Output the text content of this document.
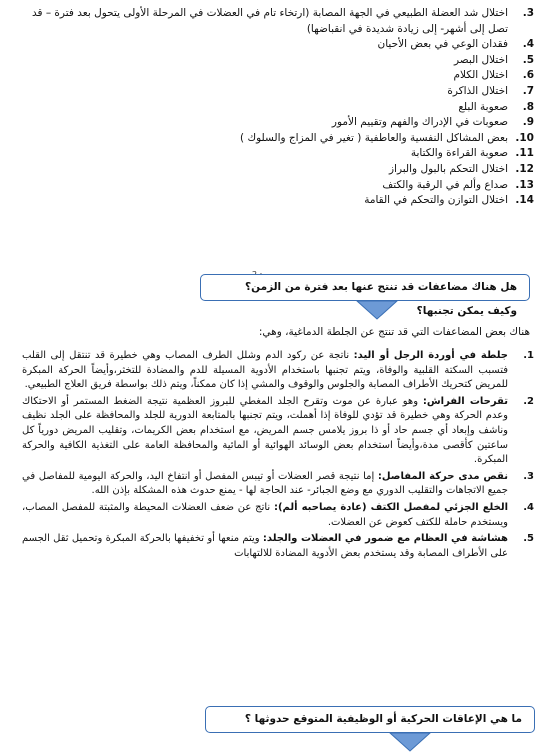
.3
اختلال شد العضلة الطبيعي في الجهة المصابة (ارتخاء تام في العضلات في المرحلة الأولى يتحول بعد فترة – قد تصل إلى أشهر- إلى زيادة شديدة في انقباضها)
.4
فقدان الوعي في بعض الأحيان
.5
اختلال البصر
.6
اختلال الكلام
.7
اختلال الذاكرة
.8
صعوبة البلع
.9
صعوبات في الإدراك والفهم وتقييم الأمور
.10
بعض المشاكل النفسية والعاطفية ( تغير في المزاج والسلوك )
.11
صعوبة القراءة والكتابة
.12
اختلال التحكم بالبول والبراز
.13
صداع وألم في الرقبة والكتف
.14
اختلال التوازن والتحكم في القامة
هل هناك مضاعفات قد تنتج عنها بعد فترة من الزمن؟ وكيف يمكن تجنبها؟
هناك بعض المضاعفات التي قد تنتج عن الجلطة الدماغية، وهي:
.1
جلطة في أوردة الرجل أو اليد: ناتجة عن ركود الدم وشلل الطرف المصاب وهي خطيرة قد تنتقل إلى القلب فتسبب السكتة القلبية والوفاة، ويتم تجنبها باستخدام الأدوية المسيلة للدم والمضادة للتخثر،وأيضاً الحركة المبكرة للمريض كتحريك الأطراف المصابة والجلوس والوقوف والمشي إذا كان ممكناً، ويتم ذلك بواسطة فريق العلاج الطبيعي.
.2
تقرحات الفراش: وهو عبارة عن موت وتقرح الجلد المغطي للبروز العظمية نتيجة الضغط المستمر أو الاحتكاك وعدم الحركة وهي خطيرة قد تؤدي للوفاة إذا أهملت، ويتم تجنبها بالمتابعة الدورية للجلد والمحافظة على الجلد نظيف وناشف وإبعاد أي جسم حاد أو ذا بروز يلامس جسم المريض، مع استخدام بعض الكريمات، وتقليب المريض دورياً كل ساعتين كأقصى مدة،وأيضاً استخدام بعض الوسائد الهوائية أو المائية والمحافظة العامة على التغذية الكافية والحركة المبكرة.
.3
نقص مدى حركة المفاصل: إما نتيجة قصر العضلات أو تيبس المفصل أو انتفاخ اليد، والحركة اليومية للمفاصل في جميع الاتجاهات والتقليب الدوري مع وضع الجبائر- عند الحاجة لها - يمنع حدوث هذه المشكلة بإذن الله.
.4
الخلع الجزئي لمفصل الكتف (عادة يصاحبه ألم): ناتج عن ضعف العضلات المحيطة والمثبتة للمفصل المصاب، ويستخدم حاملة للكتف كعوض عن العضلات.
.5
هشاشة في العظام مع ضمور في العضلات والجلد: ويتم منعها أو تخفيفها بالحركة المبكرة وتحميل ثقل الجسم على الأطراف المصابة وقد يستخدم بعض الأدوية المضادة للالتهابات
ما هي الإعاقات الحركية أو الوظيفية المتوقع حدوثها ؟
